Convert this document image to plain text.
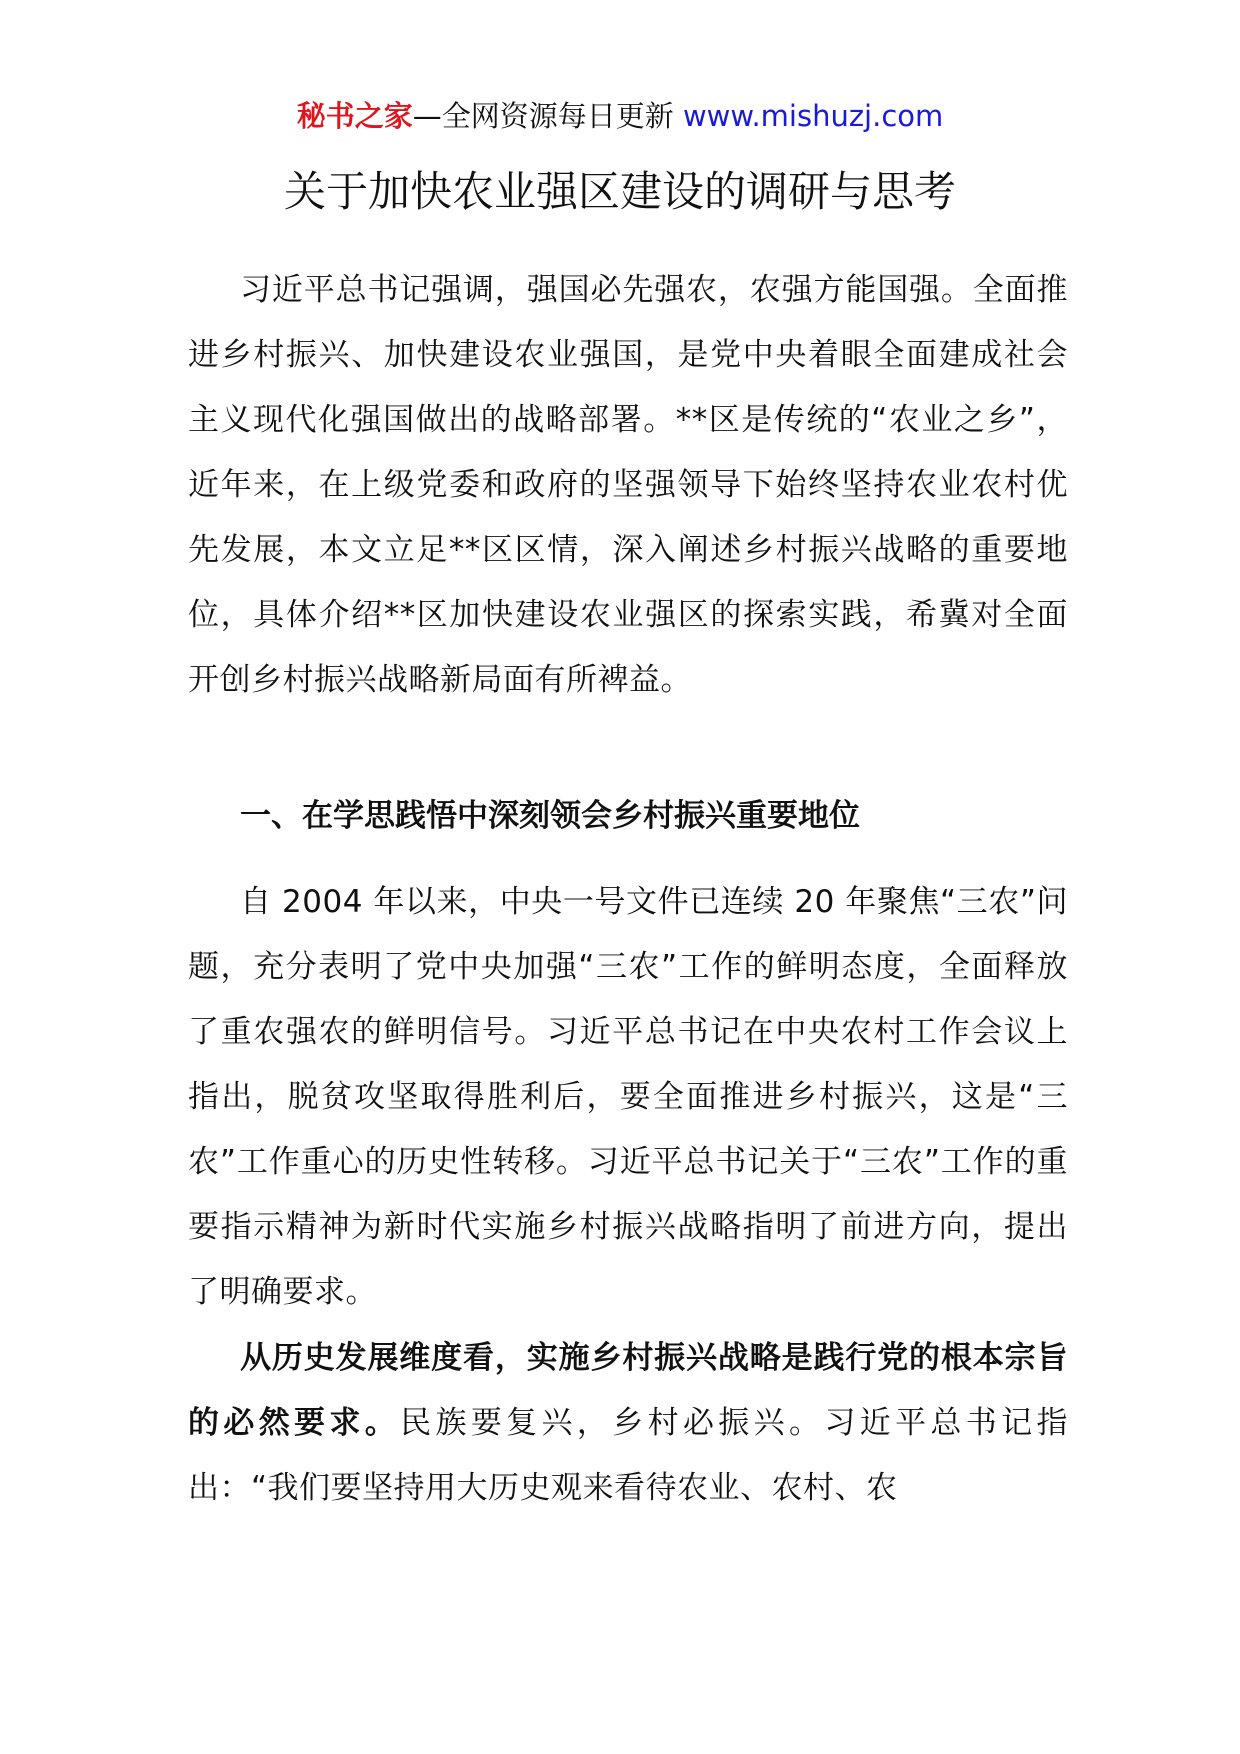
秘书之家—全网资源每日更新 www.mishuzj.com
关于加快农业强区建设的调研与思考

习近平总书记强调，强国必先强农，农强方能国强。全面推进乡村振兴、加快建设农业强国，是党中央着眼全面建成社会主义现代化强国做出的战略部署。**区是传统的“农业之乡”，近年来，在上级党委和政府的坚强领导下始终坚持农业农村优先发展，本文立足**区区情，深入阐述乡村振兴战略的重要地位，具体介绍**区加快建设农业强区的探索实践，希冀对全面开创乡村振兴战略新局面有所裨益。

一、在学思践悟中深刻领会乡村振兴重要地位

自 2004 年以来，中央一号文件已连续 20 年聚焦“三农”问题，充分表明了党中央加强“三农”工作的鲜明态度，全面释放了重农强农的鲜明信号。习近平总书记在中央农村工作会议上指出，脱贫攻坚取得胜利后，要全面推进乡村振兴，这是“三农”工作重心的历史性转移。习近平总书记关于“三农”工作的重要指示精神为新时代实施乡村振兴战略指明了前进方向，提出了明确要求。

从历史发展维度看，实施乡村振兴战略是践行党的根本宗旨的必然要求。民族要复兴，乡村必振兴。习近平总书记指出：“我们要坚持用大历史观来看待农业、农村、农
